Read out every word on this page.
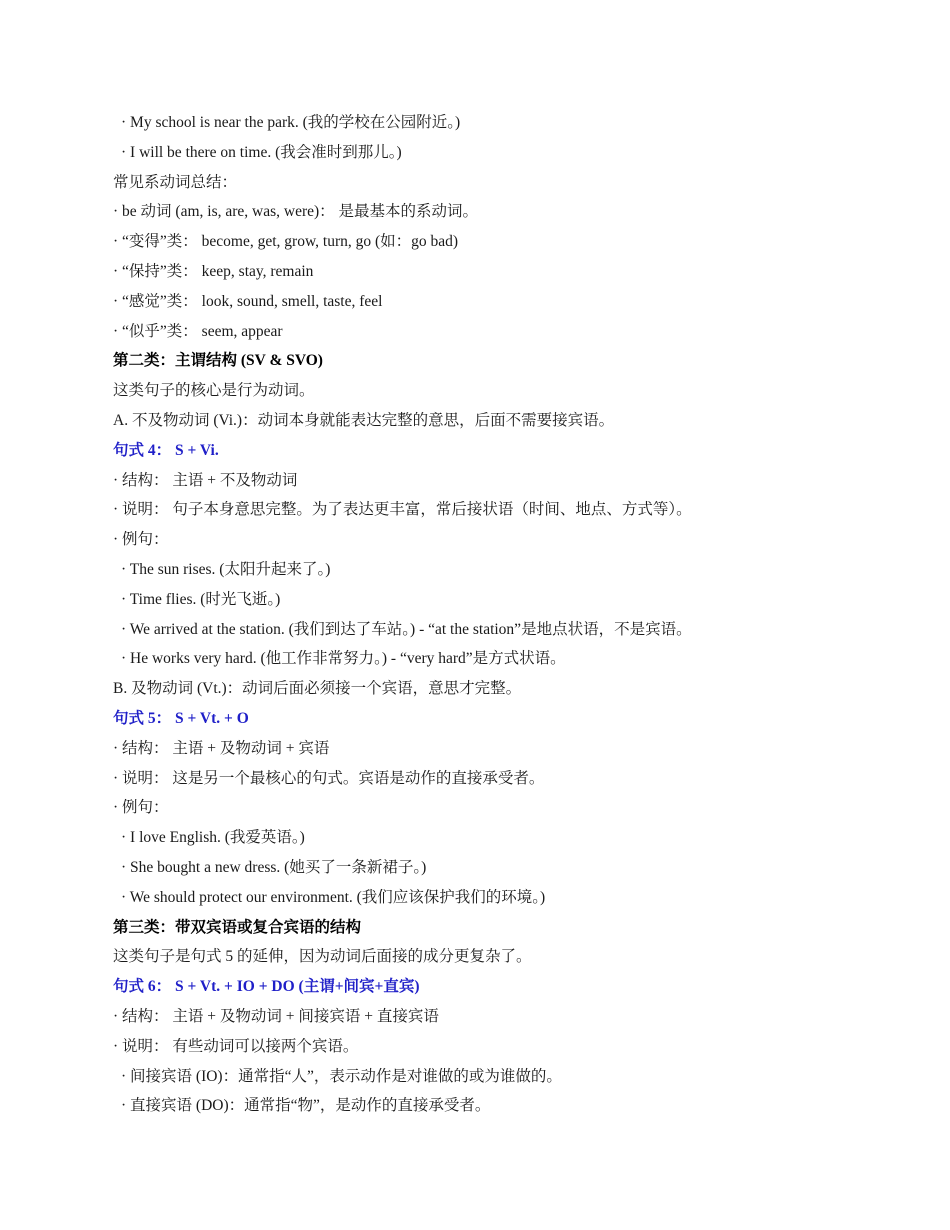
· My school is near the park. (我的学校在公园附近。)
· I will be there on time. (我会准时到那儿。)
常见系动词总结：
· be 动词 (am, is, are, was, were)： 是最基本的系动词。
· “变得”类： become, get, grow, turn, go (如：go bad)
· “保持”类： keep, stay, remain
· “感觉”类： look, sound, smell, taste, feel
· “似乎”类： seem, appear
第二类：主谓结构 (SV & SVO)
这类句子的核心是行为动词。
A. 不及物动词 (Vi.)：动词本身就能表达完整的意思，后面不需要接宾语。
句式 4： S + Vi.
· 结构： 主语 + 不及物动词
· 说明： 句子本身意思完整。为了表达更丰富，常后接状语（时间、地点、方式等）。
· 例句：
· The sun rises. (太阳升起来了。)
· Time flies. (时光飞逝。)
· We arrived at the station. (我们到达了车站。) - “at the station”是地点状语，不是宾语。
· He works very hard. (他工作非常努力。) - “very hard”是方式状语。
B. 及物动词 (Vt.)：动词后面必须接一个宾语，意思才完整。
句式 5： S + Vt. + O
· 结构： 主语 + 及物动词 + 宾语
· 说明： 这是另一个最核心的句式。宾语是动作的直接承受者。
· 例句：
· I love English. (我爱英语。)
· She bought a new dress. (她买了一条新裙子。)
· We should protect our environment. (我们应该保护我们的环境。)
第三类：带双宾语或复合宾语的结构
这类句子是句式 5 的延伸，因为动词后面接的成分更复杂了。
句式 6： S + Vt. + IO + DO (主谓+间宾+直宾)
· 结构： 主语 + 及物动词 + 间接宾语 + 直接宾语
· 说明： 有些动词可以接两个宾语。
· 间接宾语 (IO)：通常指“人”，表示动作是对谁做的或为谁做的。
· 直接宾语 (DO)：通常指“物”，是动作的直接承受者。
